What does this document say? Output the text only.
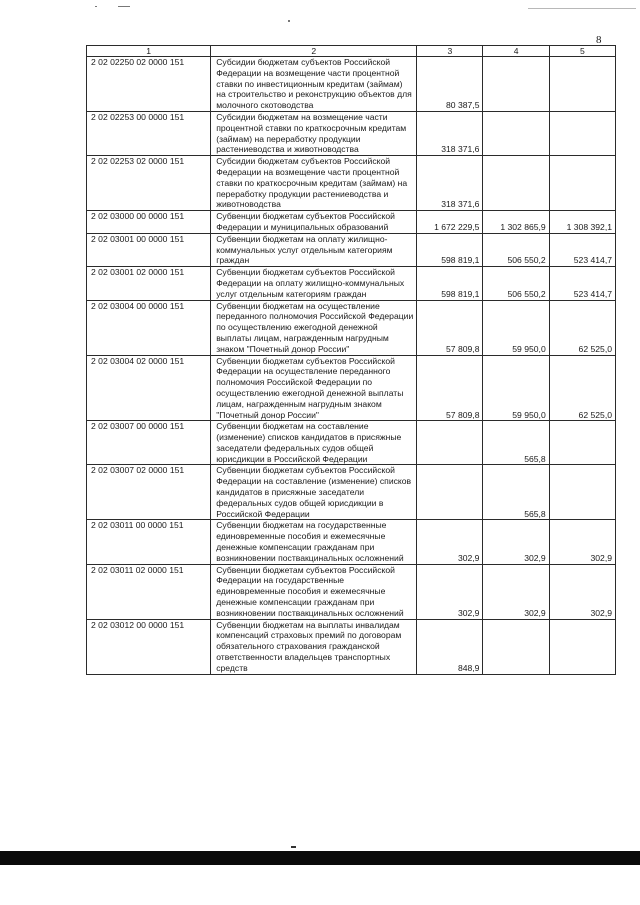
8
1	2	3	4	5
2 02 02250 02 0000 151	Субсидии бюджетам субъектов Российской Федерации на возмещение части процентной ставки по инвестиционным кредитам (займам) на строительство и реконструкцию объектов для молочного скотоводства	80 387,5		
2 02 02253 00 0000 151	Субсидии бюджетам на возмещение части процентной ставки по краткосрочным кредитам (займам) на переработку продукции растениеводства и животноводства	318 371,6		
2 02 02253 02 0000 151	Субсидии бюджетам субъектов Российской Федерации на возмещение части процентной ставки по краткосрочным кредитам (займам) на переработку продукции растениеводства и животноводства	318 371,6		
2 02 03000 00 0000 151	Субвенции бюджетам субъектов Российской Федерации и муниципальных образований	1 672 229,5	1 302 865,9	1 308 392,1
2 02 03001 00 0000 151	Субвенции бюджетам на оплату жилищно-коммунальных услуг отдельным категориям граждан	598 819,1	506 550,2	523 414,7
2 02 03001 02 0000 151	Субвенции бюджетам субъектов Российской Федерации на оплату жилищно-коммунальных услуг отдельным категориям граждан	598 819,1	506 550,2	523 414,7
2 02 03004 00 0000 151	Субвенции бюджетам на осуществление переданного полномочия Российской Федерации по осуществлению ежегодной денежной выплаты лицам, награжденным нагрудным знаком "Почетный донор России"	57 809,8	59 950,0	62 525,0
2 02 03004 02 0000 151	Субвенции бюджетам субъектов Российской Федерации на осуществление переданного полномочия Российской Федерации по осуществлению ежегодной денежной выплаты лицам, награжденным нагрудным знаком "Почетный донор России"	57 809,8	59 950,0	62 525,0
2 02 03007 00 0000 151	Субвенции бюджетам на составление (изменение) списков кандидатов в присяжные заседатели федеральных судов общей юрисдикции в Российской Федерации		565,8	
2 02 03007 02 0000 151	Субвенции бюджетам субъектов Российской Федерации на составление (изменение) списков кандидатов в присяжные заседатели федеральных судов общей юрисдикции в Российской Федерации		565,8	
2 02 03011 00 0000 151	Субвенции бюджетам на государственные единовременные пособия и ежемесячные денежные компенсации гражданам при возникновении поствакцинальных осложнений	302,9	302,9	302,9
2 02 03011 02 0000 151	Субвенции бюджетам субъектов Российской Федерации на государственные единовременные пособия и ежемесячные денежные компенсации гражданам при возникновении поствакцинальных осложнений	302,9	302,9	302,9
2 02 03012 00 0000 151	Субвенции бюджетам на выплаты инвалидам компенсаций страховых премий по договорам обязательного страхования гражданской ответственности владельцев транспортных средств	848,9		
